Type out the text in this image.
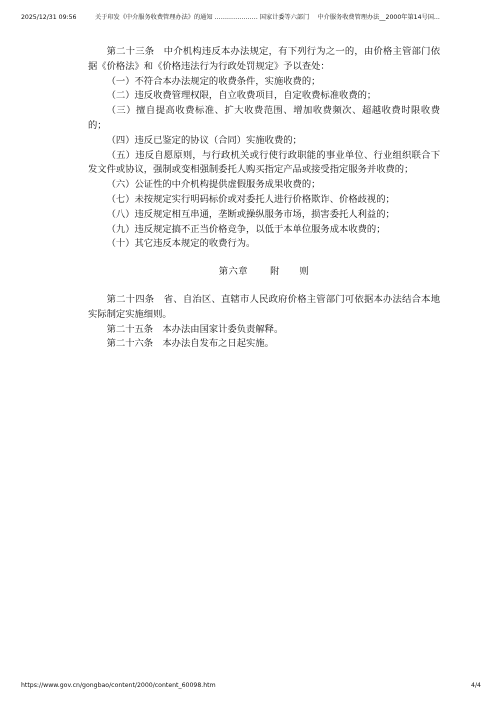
2025/12/31 09:56	关于印发《中介服务收费管理办法》的通知 ………………… 国家计委等六部门　 中介服务收费管理办法__2000年第14号国...

第二十三条　中介机构违反本办法规定，有下列行为之一的，由价格主管部门依据《价格法》和《价格违法行为行政处罚规定》予以查处：

（一）不符合本办法规定的收费条件，实施收费的；

（二）违反收费管理权限，自立收费项目，自定收费标准收费的；

（三）擅自提高收费标准、扩大收费范围、增加收费频次、超越收费时限收费的；

（四）违反已鉴定的协议（合同）实施收费的；

（五）违反自愿原则，与行政机关或行使行政职能的事业单位、行业组织联合下发文件或协议，强制或变相强制委托人购买指定产品或接受指定服务并收费的；

（六）公证性的中介机构提供虚假服务成果收费的；

（七）未按规定实行明码标价或对委托人进行价格欺诈、价格歧视的；

（八）违反规定相互串通，垄断或操纵服务市场，损害委托人利益的；

（九）违反规定搞不正当价格竞争，以低于本单位服务成本收费的；

（十）其它违反本规定的收费行为。

第六章 附　　则

第二十四条　省、自治区、直辖市人民政府价格主管部门可依据本办法结合本地实际制定实施细则。

第二十五条　本办法由国家计委负责解释。

第二十六条　本办法自发布之日起实施。

https://www.gov.cn/gongbao/content/2000/content_60098.htm	4/4
